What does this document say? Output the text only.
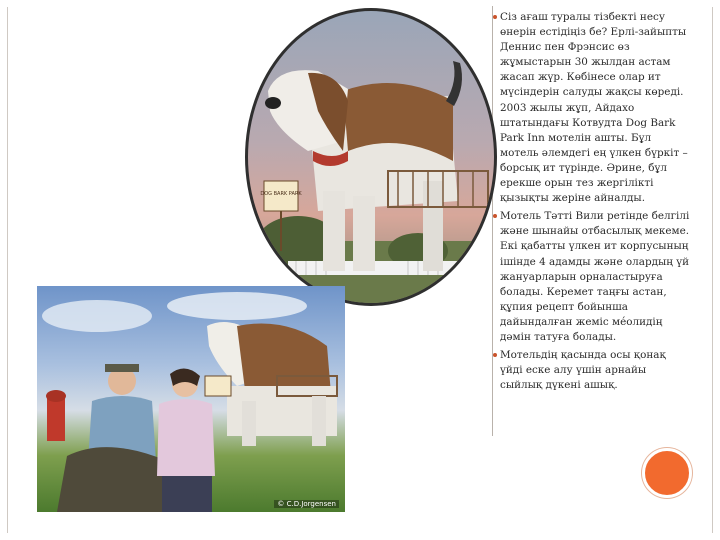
DOG BARK PARK
© C.D.Jorgensen

Сіз ағаш туралы тізбекті несу өнерін естідіңіз бе? Ерлі-зайыпты Деннис пен Фрэнсис өз жұмыстарын 30 жылдан астам жасап жүр. Көбінесе олар ит мүсіндерін салуды жақсы көреді. 2003 жылы жұп, Айдахо штатындағы Котвудта Dog Bark Park Inn мотелін ашты. Бұл мотель әлемдегі ең үлкен бүркіт – борсық ит түрінде. Әрине, бұл ерекше орын тез жергілікті қызықты жеріне айналды.

Мотель Тәтті Вили ретінде белгілі және шынайы отбасылық мекеме. Екі қабатты үлкен ит корпусының ішінде 4 адамды және олардың үй жануарларын орналастыруға болады. Керемет таңғы астан, құпия рецепт бойынша дайындалған жеміс ме́олидің дәмін татуға болады.

Мотельдің қасында осы қонақ үйді еске алу үшін арнайы сыйлық дүкені ашық.
